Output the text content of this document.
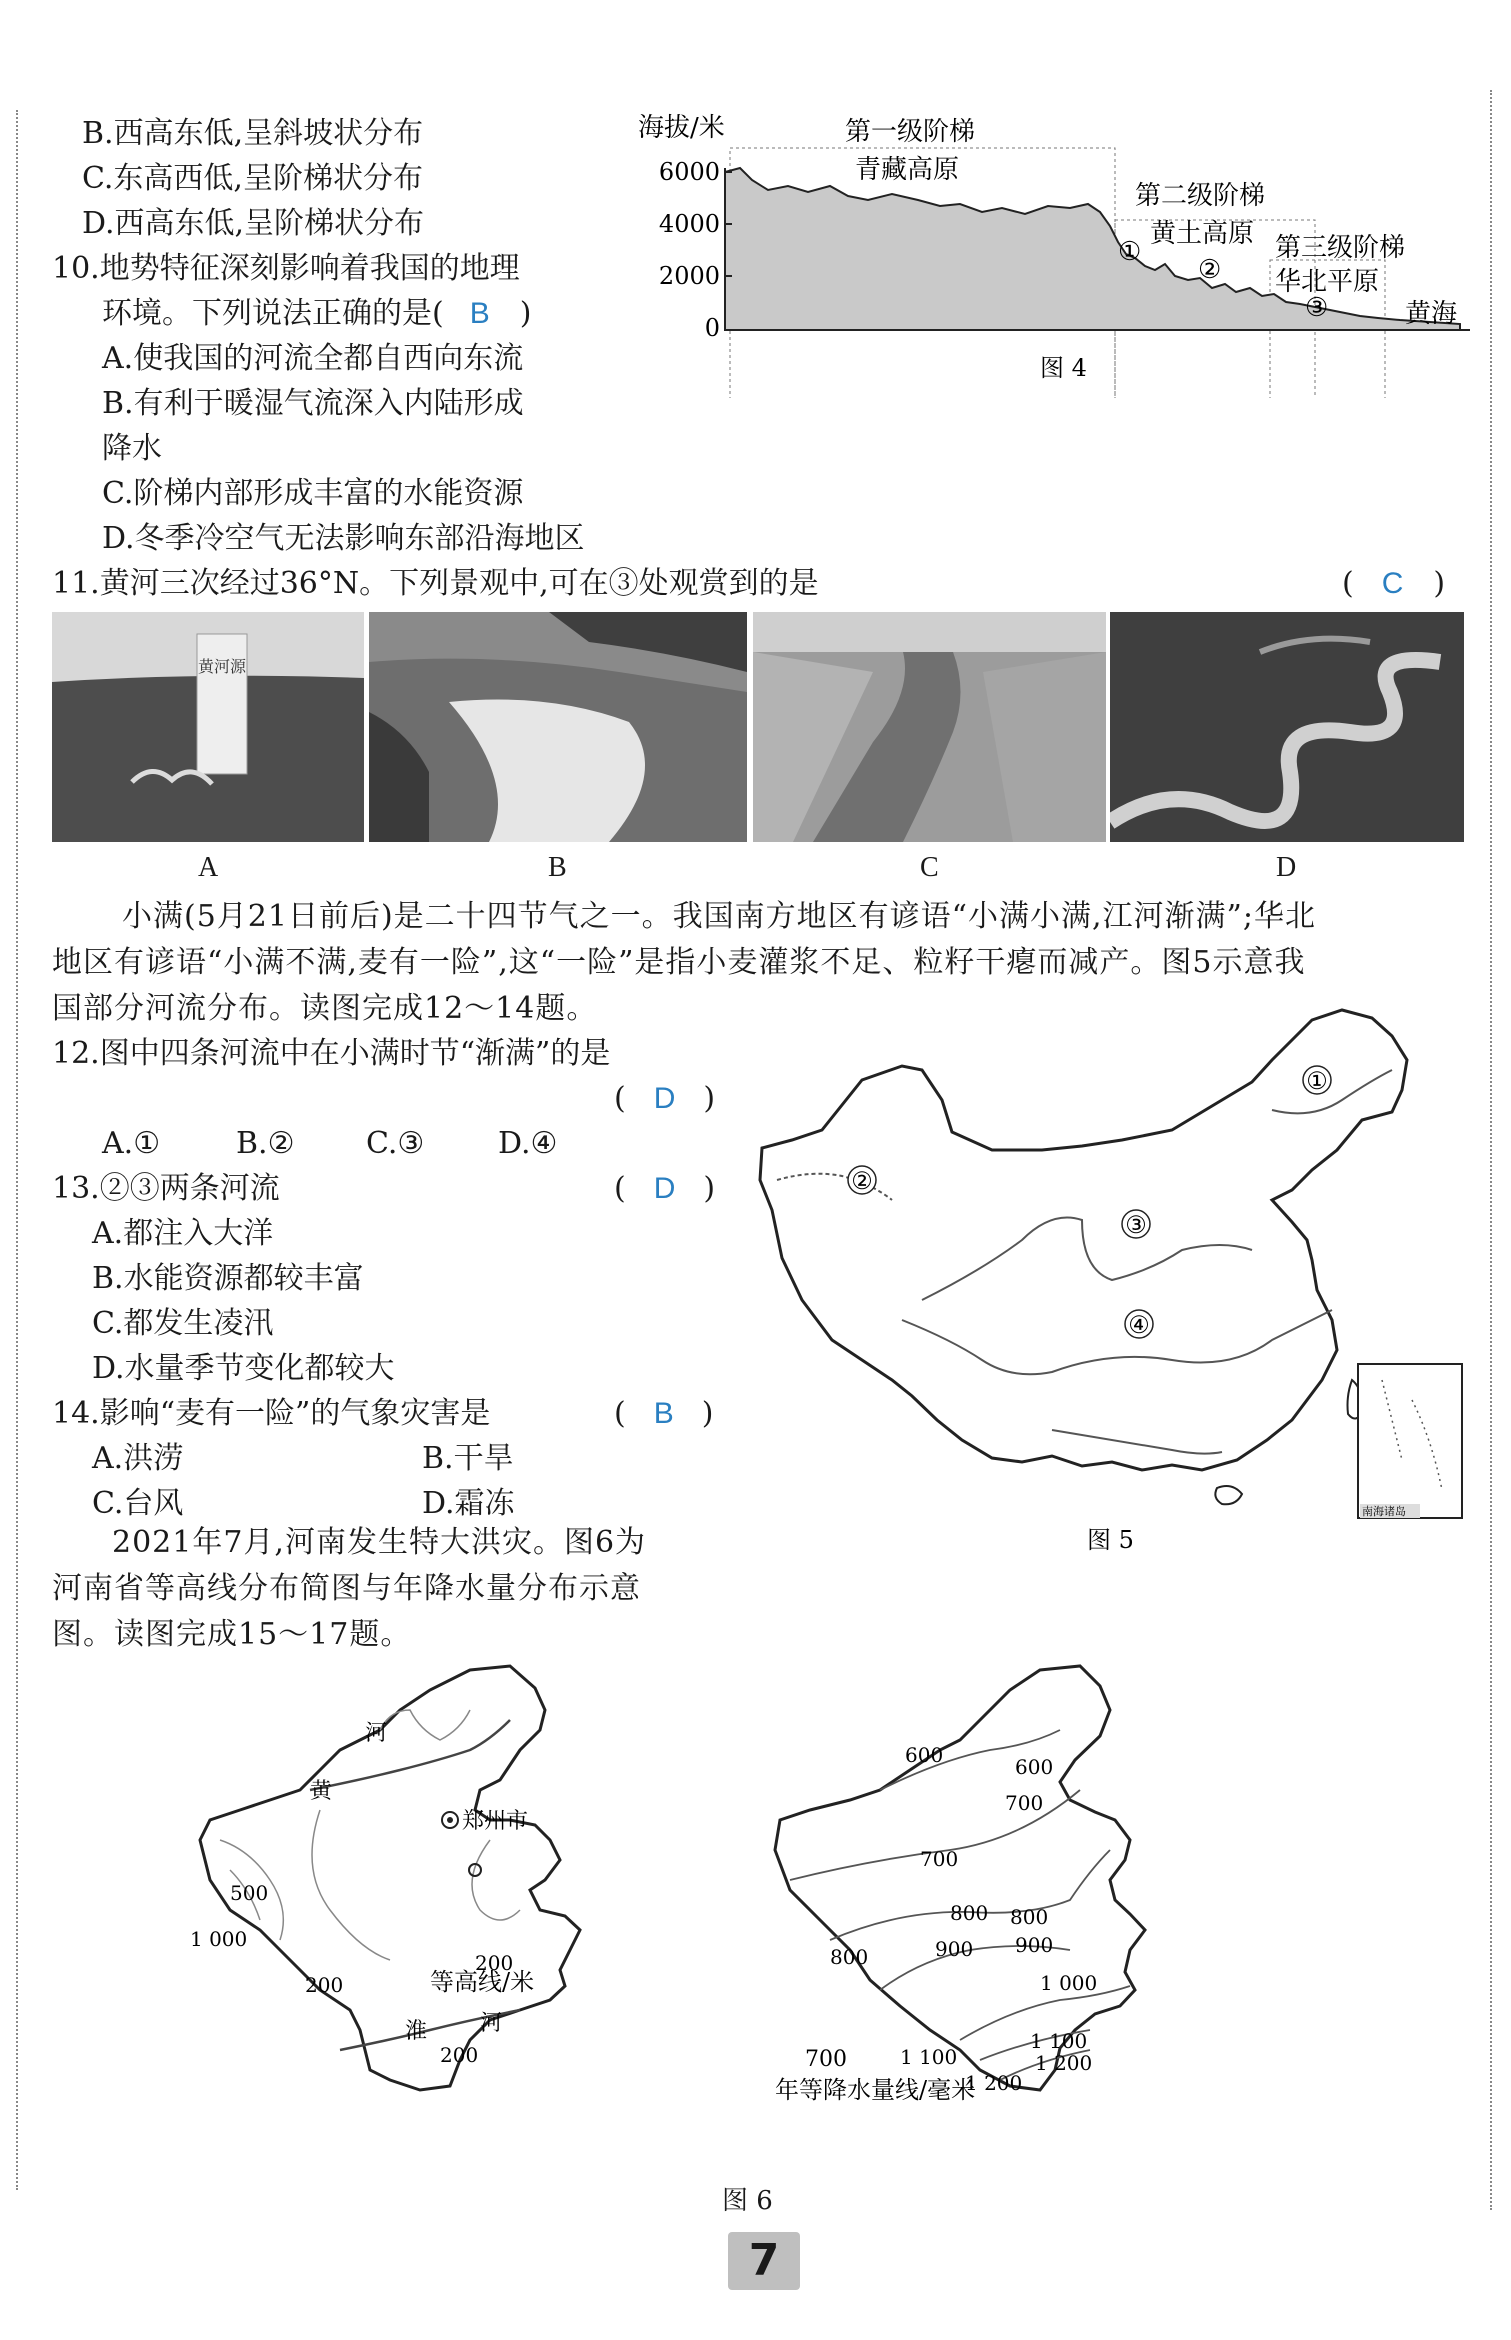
B.西高东低,呈斜坡状分布
C.东高西低,呈阶梯状分布
D.西高东低,呈阶梯状分布
10.地势特征深刻影响着我国的地理
环境。下列说法正确的是( B )
A.使我国的河流全都自西向东流
B.有利于暖湿气流深入内陆形成
降水
C.阶梯内部形成丰富的水能资源
D.冬季冷空气无法影响东部沿海地区
海拔/米
6000
4000
2000
0
第一级阶梯
青藏高原
第二级阶梯
黄土高原 第三级阶梯
华北平原
黄海
①
②
③
图 4
11.黄河三次经过36°N。下列景观中,可在③处观赏到的是	( C )
黄河源
A	B	C	D
小满(5月21日前后)是二十四节气之一。我国南方地区有谚语“小满小满,江河渐满”;华北
地区有谚语“小满不满,麦有一险”,这“一险”是指小麦灌浆不足、粒籽干瘪而减产。图5示意我
国部分河流分布。读图完成12～14题。
12.图中四条河流中在小满时节“渐满”的是
( D )
A.①	B.② C.③ D.④
13.②③两条河流	( D )
A.都注入大洋
B.水能资源都较丰富
C.都发生凌汛
D.水量季节变化都较大
14.影响“麦有一险”的气象灾害是	( B )
A.洪涝	B.干旱
C.台风	D.霜冻
①
②
③
④
南海诸岛
图 5
2021年7月,河南发生特大洪灾。图6为
河南省等高线分布简图与年降水量分布示意
图。读图完成15～17题。
河
黄
郑州市
500
1 000
200
200
200
等高线/米
淮 河
600
600
700
700
800 800
800	900 900
1 000
1 100
1 100	1 200
1 200
700
年等降水量线/毫米
图 6
7
